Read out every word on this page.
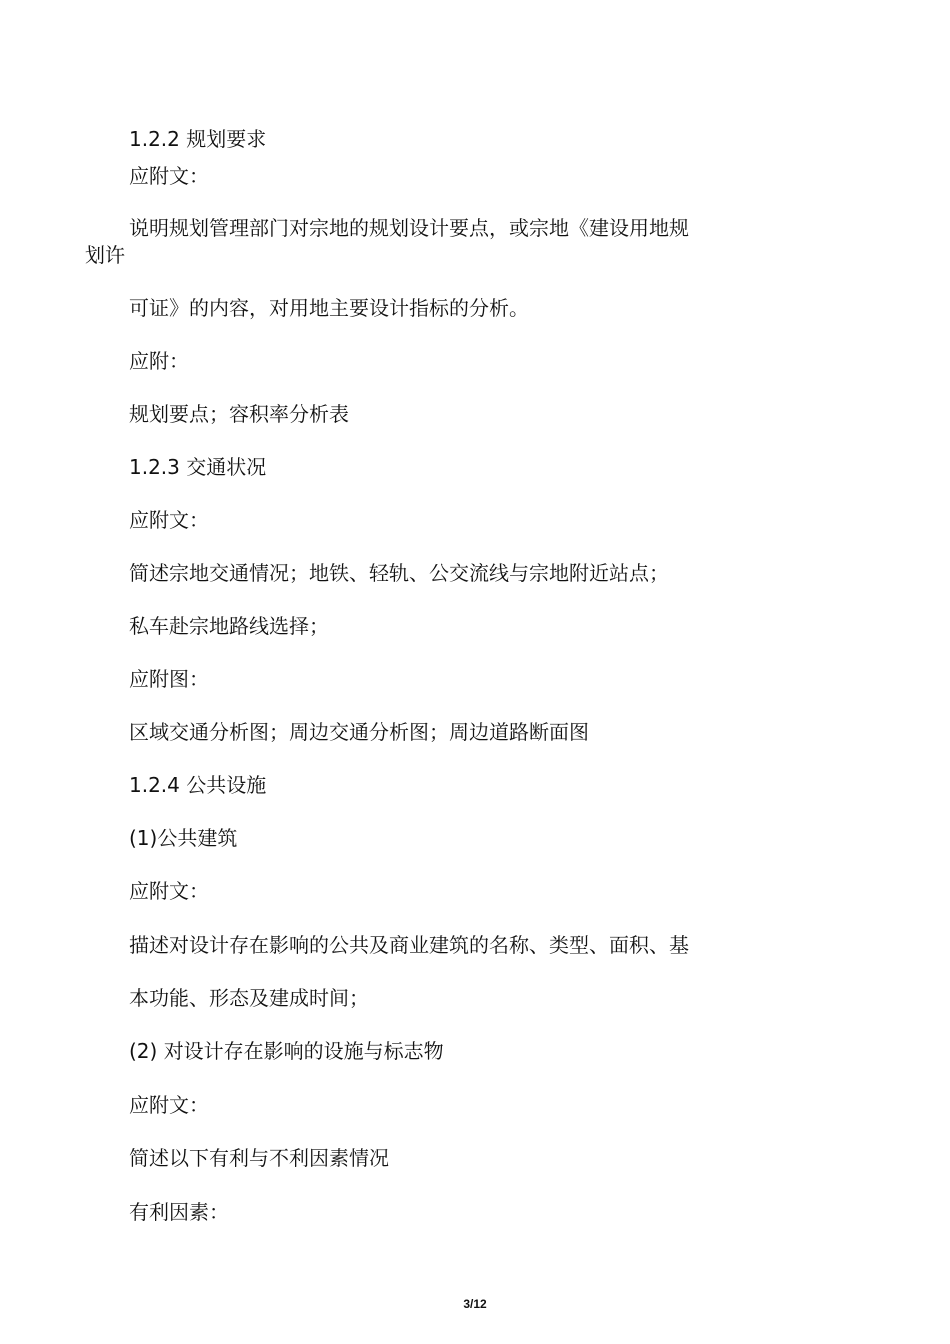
1.2.2 规划要求

应附文：

说明规划管理部门对宗地的规划设计要点，或宗地《建设用地规

划许

可证》的内容，对用地主要设计指标的分析。

应附：

规划要点；容积率分析表

1.2.3 交通状况

应附文：

简述宗地交通情况；地铁、轻轨、公交流线与宗地附近站点；

私车赴宗地路线选择；

应附图：

区域交通分析图；周边交通分析图；周边道路断面图

1.2.4 公共设施

(1)公共建筑

应附文：

描述对设计存在影响的公共及商业建筑的名称、类型、面积、基

本功能、形态及建成时间；

(2) 对设计存在影响的设施与标志物

应附文：

简述以下有利与不利因素情况

有利因素：

3/12
